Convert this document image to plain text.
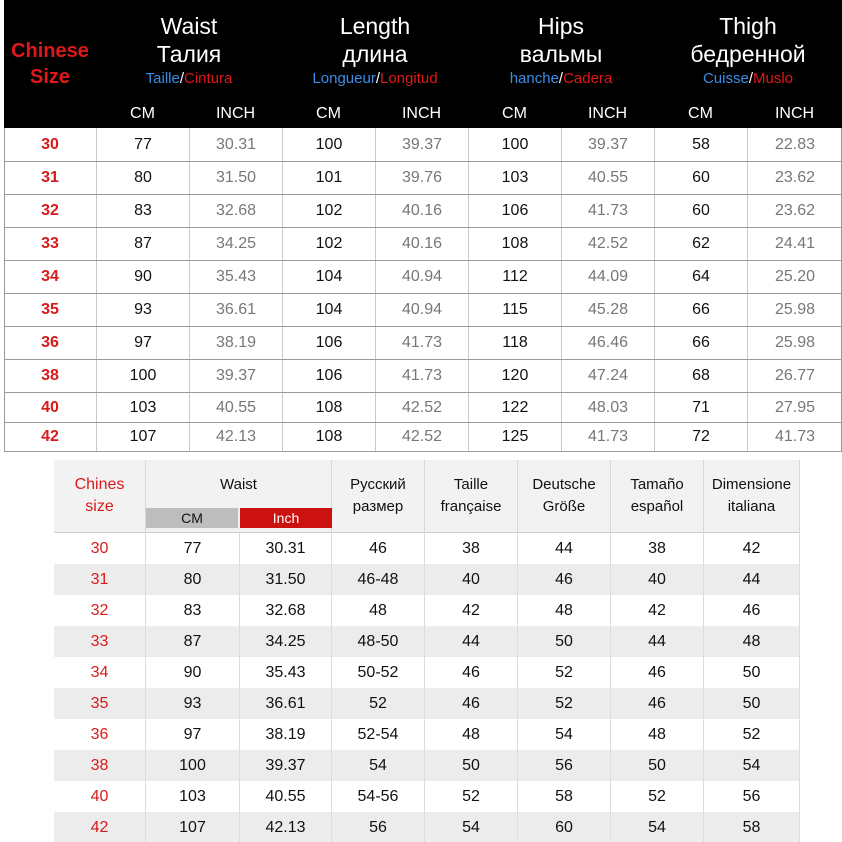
Chinese
Size
Waist
Талия
Taille/Cintura
Length
длина
Longueur/Longitud
Hips
вальмы
hanche/Cadera
Thigh
бедренной
Cuisse/Muslo
CM	INCH	CM	INCH	CM	INCH	CM	INCH
30	77	30.31	100	39.37	100	39.37	58	22.83
31	80	31.50	101	39.76	103	40.55	60	23.62
32	83	32.68	102	40.16	106	41.73	60	23.62
33	87	34.25	102	40.16	108	42.52	62	24.41
34	90	35.43	104	40.94	112	44.09	64	25.20
35	93	36.61	104	40.94	115	45.28	66	25.98
36	97	38.19	106	41.73	118	46.46	66	25.98
38	100	39.37	106	41.73	120	47.24	68	26.77
40	103	40.55	108	42.52	122	48.03	71	27.95
42	107	42.13	108	42.52	125	41.73	72	41.73
Chines
size
Waist
CM	Inch
Русский
размер
Taille
française
Deutsche
Größe
Tamaño
español
Dimensione
italiana
30	77	30.31	46	38	44	38	42
31	80	31.50	46-48	40	46	40	44
32	83	32.68	48	42	48	42	46
33	87	34.25	48-50	44	50	44	48
34	90	35.43	50-52	46	52	46	50
35	93	36.61	52	46	52	46	50
36	97	38.19	52-54	48	54	48	52
38	100	39.37	54	50	56	50	54
40	103	40.55	54-56	52	58	52	56
42	107	42.13	56	54	60	54	58
